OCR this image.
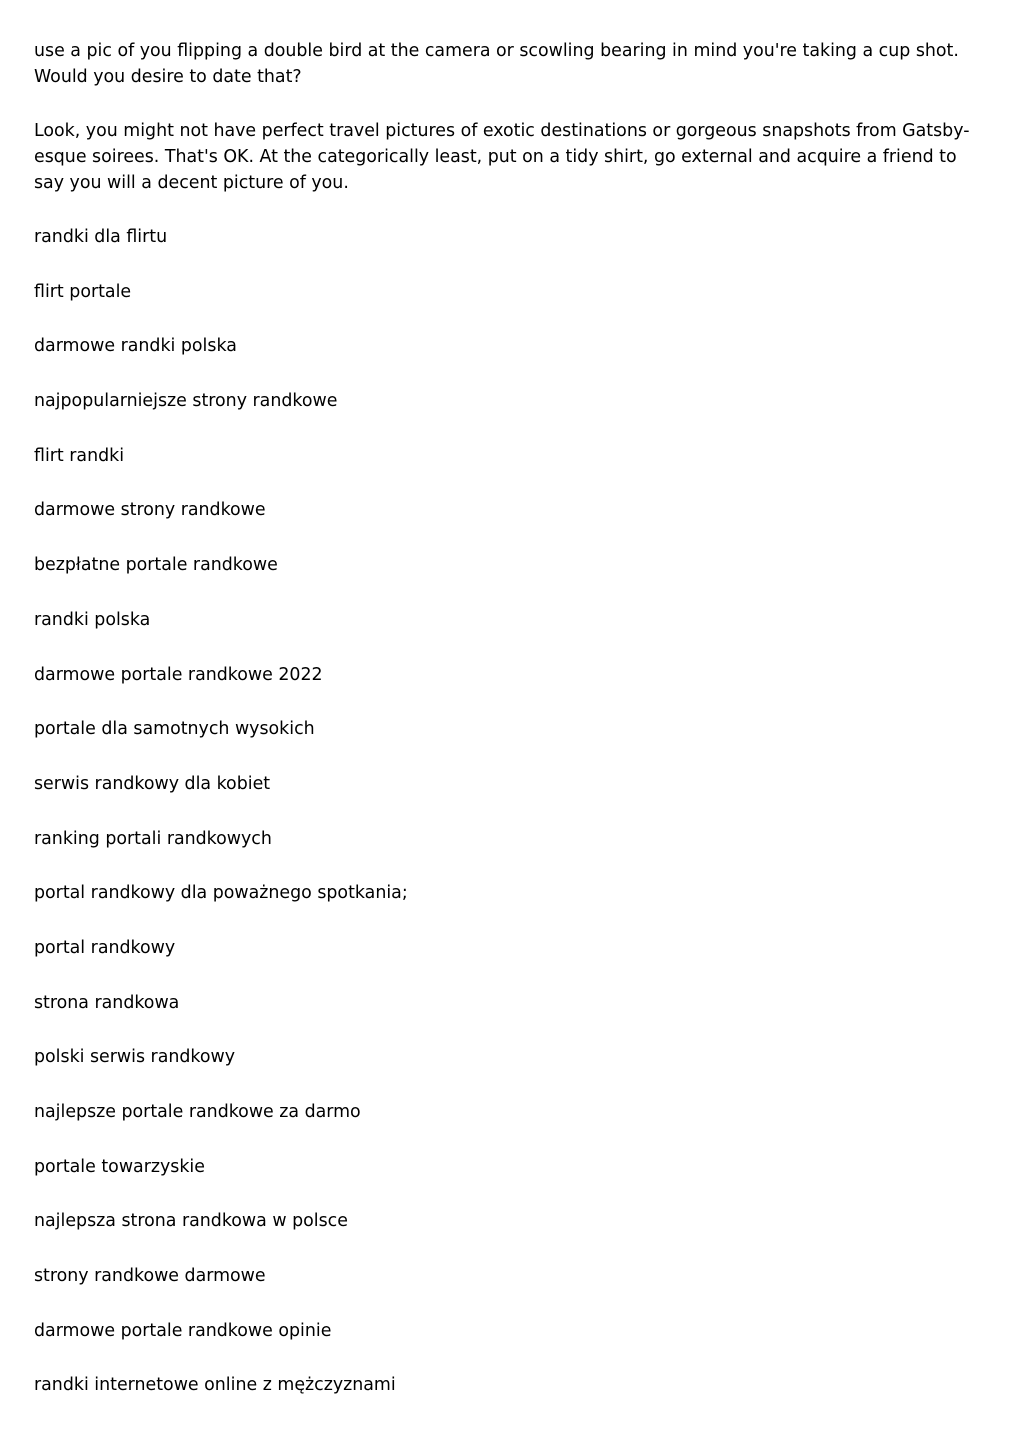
use a pic of you flipping a double bird at the camera or scowling bearing in mind you're taking a cup shot. Would you desire to date that?

Look, you might not have perfect travel pictures of exotic destinations or gorgeous snapshots from Gatsby-esque soirees. That's OK. At the categorically least, put on a tidy shirt, go external and acquire a friend to say you will a decent picture of you.

randki dla flirtu
flirt portale
darmowe randki polska
najpopularniejsze strony randkowe
flirt randki
darmowe strony randkowe
bezpłatne portale randkowe
randki polska
darmowe portale randkowe 2022
portale dla samotnych wysokich
serwis randkowy dla kobiet
ranking portali randkowych
portal randkowy dla poważnego spotkania;
portal randkowy
strona randkowa
polski serwis randkowy
najlepsze portale randkowe za darmo
portale towarzyskie
najlepsza strona randkowa w polsce
strony randkowe darmowe
darmowe portale randkowe opinie
randki internetowe online z mężczyznami
